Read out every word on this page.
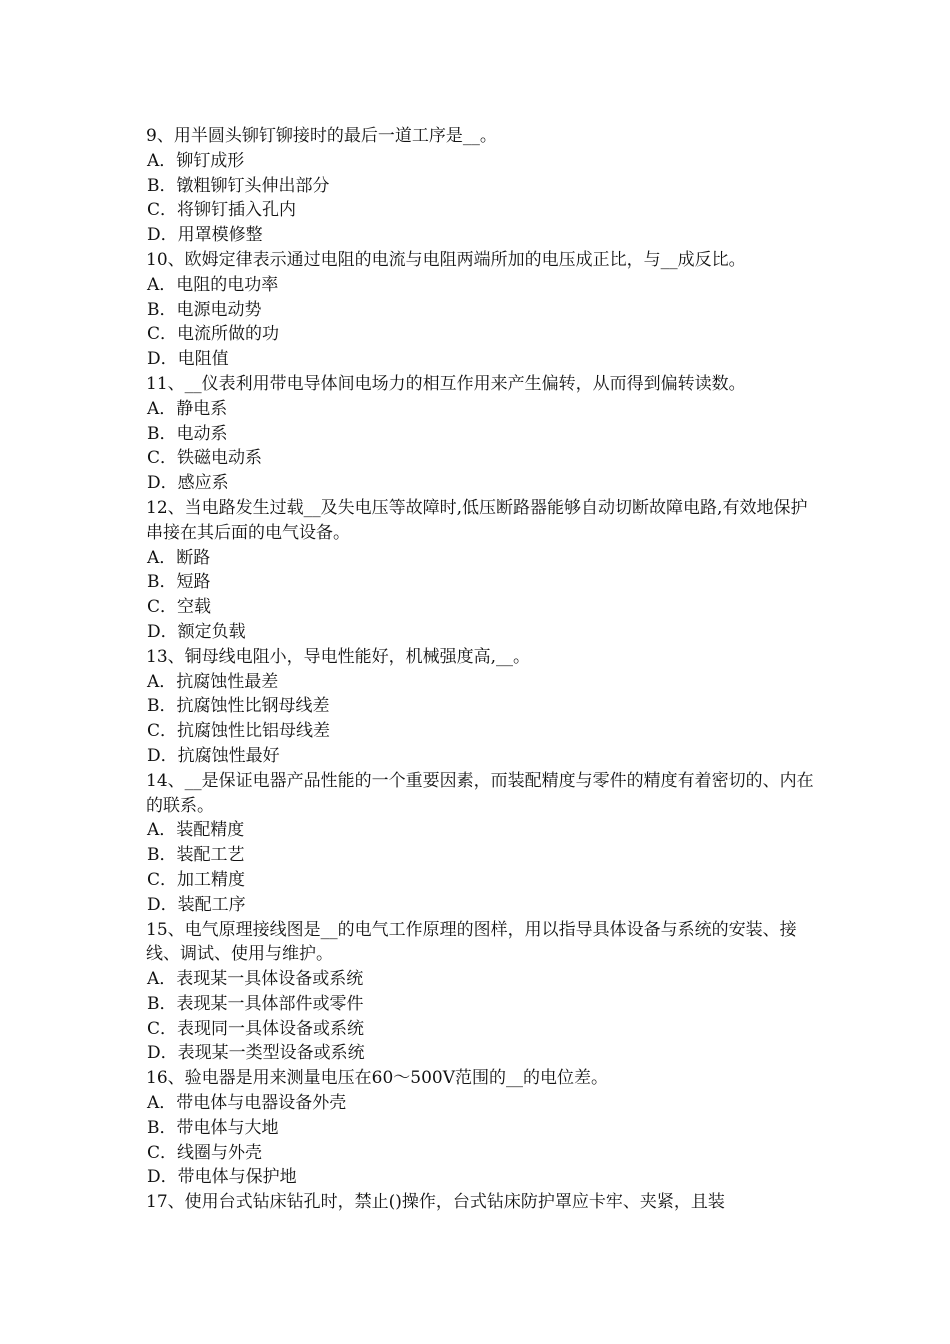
9、用半圆头铆钉铆接时的最后一道工序是__。

A．铆钉成形

B．镦粗铆钉头伸出部分

C．将铆钉插入孔内

D．用罩模修整

10、欧姆定律表示通过电阻的电流与电阻两端所加的电压成正比，与__成反比。

A．电阻的电功率

B．电源电动势

C．电流所做的功

D．电阻值

11、__仪表利用带电导体间电场力的相互作用来产生偏转，从而得到偏转读数。

A．静电系

B．电动系

C．铁磁电动系

D．感应系

12、当电路发生过载__及失电压等故障时,低压断路器能够自动切断故障电路,有效地保护串接在其后面的电气设备。

A．断路

B．短路

C．空载

D．额定负载

13、铜母线电阻小，导电性能好，机械强度高,__。

A．抗腐蚀性最差

B．抗腐蚀性比钢母线差

C．抗腐蚀性比铝母线差

D．抗腐蚀性最好

14、__是保证电器产品性能的一个重要因素，而装配精度与零件的精度有着密切的、内在的联系。

A．装配精度

B．装配工艺

C．加工精度

D．装配工序

15、电气原理接线图是__的电气工作原理的图样，用以指导具体设备与系统的安装、接线、调试、使用与维护。

A．表现某一具体设备或系统

B．表现某一具体部件或零件

C．表现同一具体设备或系统

D．表现某一类型设备或系统

16、验电器是用来测量电压在60～500V范围的__的电位差。

A．带电体与电器设备外壳

B．带电体与大地

C．线圈与外壳

D．带电体与保护地

17、使用台式钻床钻孔时，禁止()操作，台式钻床防护罩应卡牢、夹紧，且装
